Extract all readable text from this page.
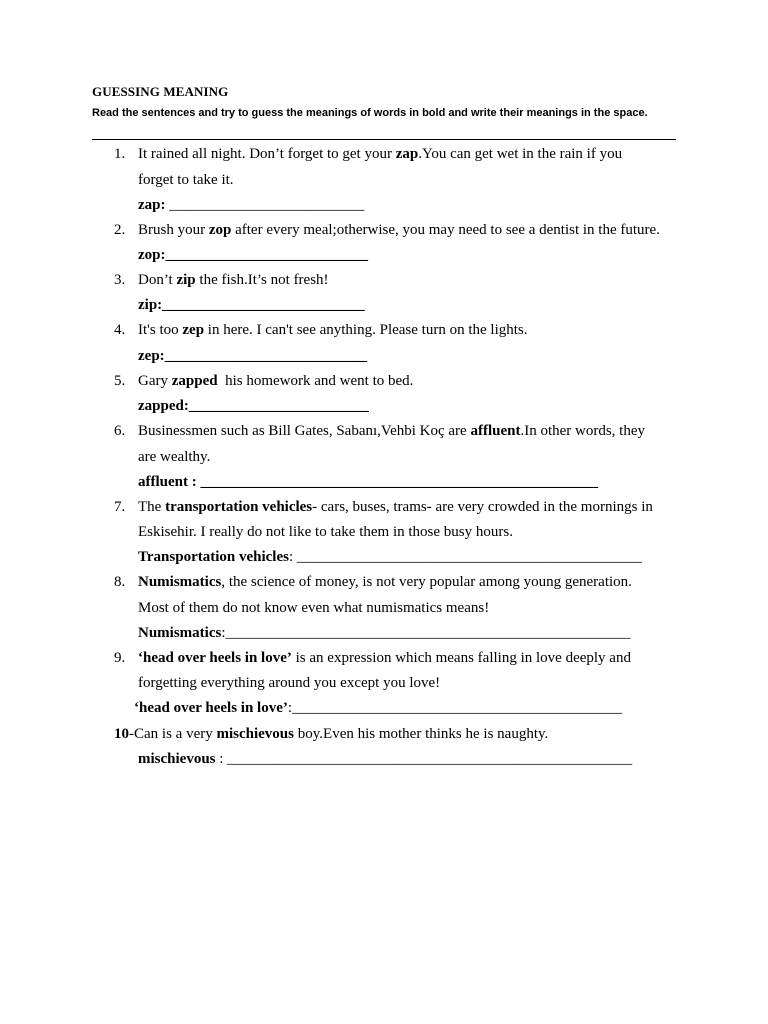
GUESSING MEANING
Read the sentences and try to guess the meanings of words in bold and write their meanings in the space.
1. It rained all night. Don’t forget to get your zap.You can get wet in the rain if you
forget to take it.
zap: __________________________
2. Brush your zop after every meal;otherwise, you may need to see a dentist in the future.
zop:___________________________
3. Don’t zip the fish.It’s not fresh!
zip:___________________________
4. It's too zep in here. I can't see anything. Please turn on the lights.
zep:___________________________
5. Gary zapped  his homework and went to bed.
zapped:________________________
6. Businessmen such as Bill Gates, Sabanı,Vehbi Koç are affluent.In other words, they
are wealthy.
affluent : _____________________________________________________
7. The transportation vehicles- cars, buses, trams- are very crowded in the mornings in
Eskisehir. I really do not like to take them in those busy hours.
Transportation vehicles: ______________________________________________
8. Numismatics, the science of money, is not very popular among young generation.
Most of them do not know even what numismatics means!
Numismatics:______________________________________________________
9. ‘head over heels in love’ is an expression which means falling in love deeply and
forgetting everything around you except you love!
‘head over heels in love’:____________________________________________
10-Can is a very mischievous boy.Even his mother thinks he is naughty.
mischievous : ______________________________________________________
